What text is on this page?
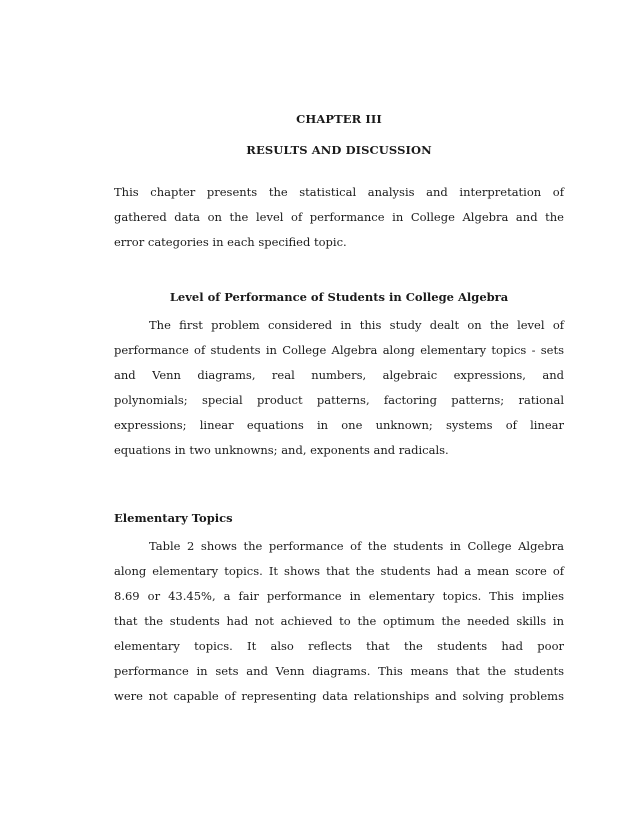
CHAPTER III
RESULTS AND DISCUSSION
This chapter presents the statistical analysis and interpretation of
gathered data on the level of performance in College Algebra and the
error categories in each specified topic.
Level of Performance of Students in College Algebra
The first problem considered in this study dealt on the level of
performance of students in College Algebra along elementary topics - sets
and Venn diagrams, real numbers, algebraic expressions, and
polynomials; special product patterns, factoring patterns; rational
expressions; linear equations in one unknown; systems of linear
equations in two unknowns; and, exponents and radicals.
Elementary Topics
Table 2 shows the performance of the students in College Algebra
along elementary topics. It shows that the students had a mean score of
8.69 or 43.45%, a fair performance in elementary topics. This implies
that the students had not achieved to the optimum the needed skills in
elementary topics. It also reflects that the students had poor
performance in sets and Venn diagrams. This means that the students
were not capable of representing data relationships and solving problems
